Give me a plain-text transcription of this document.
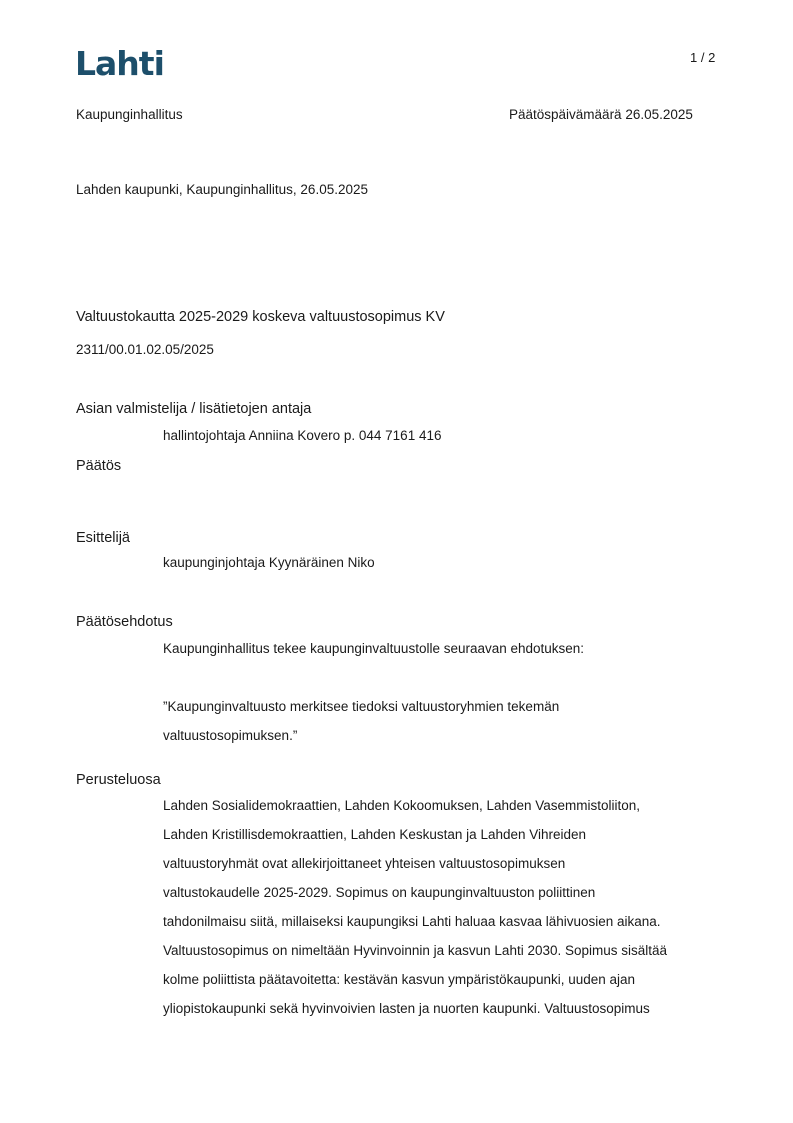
Lahti	1 / 2
Kaupunginhallitus	Päätöspäivämäärä 26.05.2025
Lahden kaupunki, Kaupunginhallitus, 26.05.2025
Valtuustokautta 2025-2029 koskeva valtuustosopimus KV
2311/00.01.02.05/2025
Asian valmistelija / lisätietojen antaja
hallintojohtaja Anniina Kovero p. 044 7161 416
Päätös
Esittelijä
kaupunginjohtaja Kyynäräinen Niko
Päätösehdotus
Kaupunginhallitus tekee kaupunginvaltuustolle seuraavan ehdotuksen:
”Kaupunginvaltuusto merkitsee tiedoksi valtuustoryhmien tekemän
valtuustosopimuksen.”
Perusteluosa
Lahden Sosialidemokraattien, Lahden Kokoomuksen, Lahden Vasemmistoliiton,
Lahden Kristillisdemokraattien, Lahden Keskustan ja Lahden Vihreiden
valtuustoryhmät ovat allekirjoittaneet yhteisen valtuustosopimuksen
valtustokaudelle 2025-2029. Sopimus on kaupunginvaltuuston poliittinen
tahdonilmaisu siitä, millaiseksi kaupungiksi Lahti haluaa kasvaa lähivuosien aikana.
Valtuustosopimus on nimeltään Hyvinvoinnin ja kasvun Lahti 2030. Sopimus sisältää
kolme poliittista päätavoitetta: kestävän kasvun ympäristökaupunki, uuden ajan
yliopistokaupunki sekä hyvinvoivien lasten ja nuorten kaupunki. Valtuustosopimus
